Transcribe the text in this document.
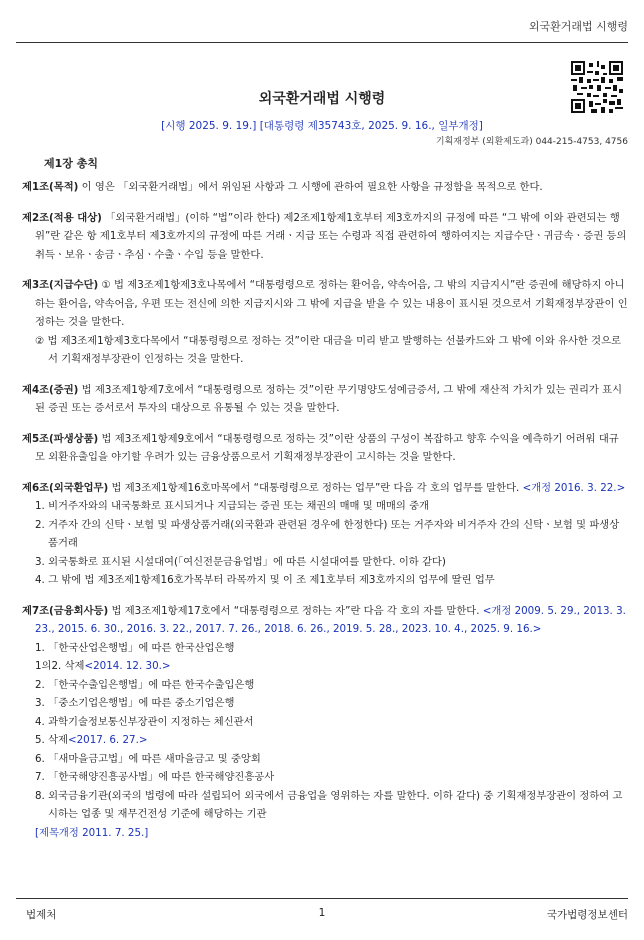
외국환거래법 시행령
외국환거래법 시행령
[시행 2025. 9. 19.] [대통령령 제35743호, 2025. 9. 16., 일부개정]
기획재정부 (외환제도과) 044-215-4753, 4756
제1장 총칙
제1조(목적) 이 영은 「외국환거래법」에서 위임된 사항과 그 시행에 관하여 필요한 사항을 규정함을 목적으로 한다.
제2조(적용 대상) 「외국환거래법」(이하 “법”이라 한다) 제2조제1항제1호부터 제3호까지의 규정에 따른 “그 밖에 이와 관련되는 행위”란 같은 항 제1호부터 제3호까지의 규정에 따른 거래ㆍ지급 또는 수령과 직접 관련하여 행하여지는 지급수단ㆍ귀금속ㆍ증권 등의 취득ㆍ보유ㆍ송금ㆍ추심ㆍ수출ㆍ수입 등을 말한다.
제3조(지급수단) ① 법 제3조제1항제3호나목에서 “대통령령으로 정하는 환어음, 약속어음, 그 밖의 지급지시”란 증권에 해당하지 아니하는 환어음, 약속어음, 우편 또는 전신에 의한 지급지시와 그 밖에 지급을 받을 수 있는 내용이 표시된 것으로서 기획재정부장관이 인정하는 것을 말한다.

② 법 제3조제1항제3호다목에서 “대통령령으로 정하는 것”이란 대금을 미리 받고 발행하는 선불카드와 그 밖에 이와 유사한 것으로서 기획재정부장관이 인정하는 것을 말한다.

제4조(증권) 법 제3조제1항제7호에서 “대통령령으로 정하는 것”이란 무기명양도성예금증서, 그 밖에 재산적 가치가 있는 권리가 표시된 증권 또는 증서로서 투자의 대상으로 유통될 수 있는 것을 말한다.
제5조(파생상품) 법 제3조제1항제9호에서 “대통령령으로 정하는 것”이란 상품의 구성이 복잡하고 향후 수익을 예측하기 어려워 대규모 외환유출입을 야기할 우려가 있는 금융상품으로서 기획재정부장관이 고시하는 것을 말한다.
제6조(외국환업무) 법 제3조제1항제16호마목에서 “대통령령으로 정하는 업무”란 다음 각 호의 업무를 말한다. <개정 2016. 3. 22.>

1. 비거주자와의 내국통화로 표시되거나 지급되는 증권 또는 채권의 매매 및 매매의 중개

2. 거주자 간의 신탁ㆍ보험 및 파생상품거래(외국환과 관련된 경우에 한정한다) 또는 거주자와 비거주자 간의 신탁ㆍ보험 및 파생상품거래

3. 외국통화로 표시된 시설대여(「여신전문금융업법」에 따른 시설대여를 말한다. 이하 같다)

4. 그 밖에 법 제3조제1항제16호가목부터 라목까지 및 이 조 제1호부터 제3호까지의 업무에 딸린 업무

제7조(금융회사등) 법 제3조제1항제17호에서 “대통령령으로 정하는 자”란 다음 각 호의 자를 말한다. <개정 2009. 5. 29., 2013. 3. 23., 2015. 6. 30., 2016. 3. 22., 2017. 7. 26., 2018. 6. 26., 2019. 5. 28., 2023. 10. 4., 2025. 9. 16.>

1. 「한국산업은행법」에 따른 한국산업은행

1의2. 삭제<2014. 12. 30.>

2. 「한국수출입은행법」에 따른 한국수출입은행

3. 「중소기업은행법」에 따른 중소기업은행

4. 과학기술정보통신부장관이 지정하는 체신관서

5. 삭제<2017. 6. 27.>

6. 「새마을금고법」에 따른 새마을금고 및 중앙회

7. 「한국해양진흥공사법」에 따른 한국해양진흥공사

8. 외국금융기관(외국의 법령에 따라 설립되어 외국에서 금융업을 영위하는 자를 말한다. 이하 같다) 중 기획재정부장관이 정하여 고시하는 업종 및 재무건전성 기준에 해당하는 기관

[제목개정 2011. 7. 25.]

법제처	1	국가법령정보센터
